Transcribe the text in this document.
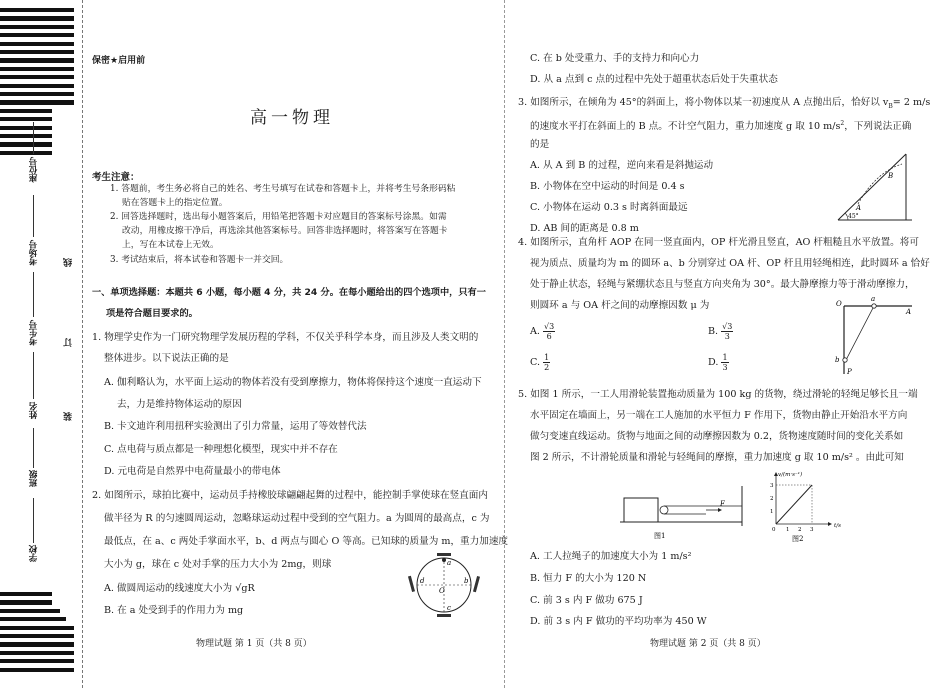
座位号
考场号
考生号
姓名
班级
学校
线
订
装
保密★启用前
高一物理
考生注意：
1. 答题前，考生务必将自己的姓名、考生号填写在试卷和答题卡上，并将考生号条形码粘
贴在答题卡上的指定位置。
2. 回答选择题时，选出每小题答案后，用铅笔把答题卡对应题目的答案标号涂黑。如需
改动，用橡皮擦干净后，再选涂其他答案标号。回答非选择题时，将答案写在答题卡
上，写在本试卷上无效。
3. 考试结束后，将本试卷和答题卡一并交回。
一、单项选择题：本题共 6 小题，每小题 4 分，共 24 分。在每小题给出的四个选项中，只有一
项是符合题目要求的。
1. 物理学史作为一门研究物理学发展历程的学科，不仅关乎科学本身，而且涉及人类文明的
整体进步。以下说法正确的是
A. 伽利略认为，水平面上运动的物体若没有受到摩擦力，物体将保持这个速度一直运动下
去，力是维持物体运动的原因
B. 卡文迪许利用扭秤实验测出了引力常量，运用了等效替代法
C. 点电荷与质点都是一种理想化模型，现实中并不存在
D. 元电荷是自然界中电荷量最小的带电体
2. 如图所示，球拍比赛中，运动员手持橡胶球翩翩起舞的过程中，能控制手掌使球在竖直面内
做半径为 R 的匀速圆周运动，忽略球运动过程中受到的空气阻力。a 为圆周的最高点，c 为
最低点，在 a、c 两处手掌面水平，b、d 两点与圆心 O 等高。已知球的质量为 m，重力加速度
大小为 g，球在 c 处对手掌的压力大小为 2mg，则球
A. 做圆周运动的线速度大小为 √gR
B. 在 a 处受到手的作用力为 mg
a
b
c
d
O
物理试题 第 1 页（共 8 页）
C. 在 b 处受重力、手的支持力和向心力
D. 从 a 点到 c 点的过程中先处于超重状态后处于失重状态
3. 如图所示，在倾角为 45°的斜面上，将小物体以某一初速度从 A 点抛出后，恰好以 $v_B= 2$ m/s
的速度水平打在斜面上的 B 点。不计空气阻力，重力加速度 g 取 10 $m/s^2$，下列说法正确
的是
A. 从 A 到 B 的过程，逆向来看是斜抛运动
B. 小物体在空中运动的时间是 0.4 s
C. 小物体在运动 0.3 s 时离斜面最远
D. AB 间的距离是 0.8 m
B
A
45°
4. 如图所示，直角杆 AOP 在同一竖直面内，OP 杆光滑且竖直，AO 杆粗糙且水平放置。将可
视为质点、质量均为 m 的圆环 a、b 分别穿过 OA 杆、OP 杆且用轻绳相连，此时圆环 a 恰好
处于静止状态，轻绳与紧绷状态且与竖直方向夹角为 30°。最大静摩擦力等于滑动摩擦力，
则圆环 a 与 OA 杆之间的动摩擦因数 μ 为
A. $\frac{√3}{6}$	B. $\frac{√3}{3}$
C. $\frac{1}{2}$	D. $\frac{1}{3}$
O
a
A
b
P
5. 如图 1 所示，一工人用滑轮装置拖动质量为 100 kg 的货物，绕过滑轮的轻绳足够长且一端
水平固定在墙面上，另一端在工人施加的水平恒力 F 作用下，货物由静止开始沿水平方向
做匀变速直线运动。货物与地面之间的动摩擦因数为 0.2，货物速度随时间的变化关系如
图 2 所示，不计滑轮质量和滑轮与轻绳间的摩擦，重力加速度 g 取 10 m/s² 。由此可知
F
图1
v/(m·s⁻¹)
t/s
1
2
3
0 1 2 3
图2
A. 工人拉绳子的加速度大小为 1 m/s²
B. 恒力 F 的大小为 120 N
C. 前 3 s 内 F 做功 675 J
D. 前 3 s 内 F 做功的平均功率为 450 W
物理试题 第 2 页（共 8 页）
